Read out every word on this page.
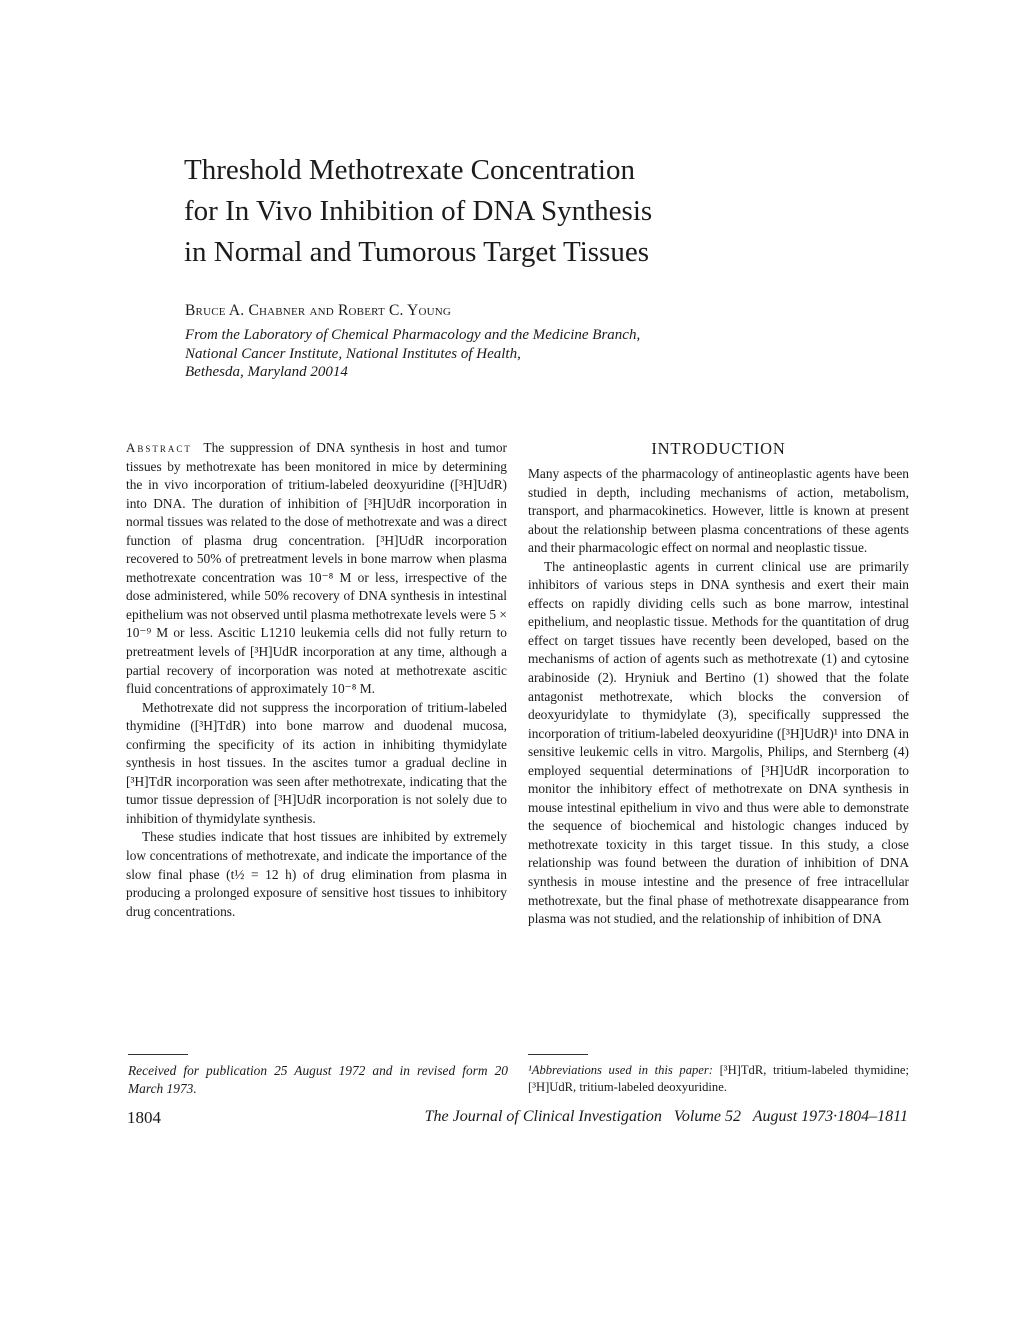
Threshold Methotrexate Concentration
for In Vivo Inhibition of DNA Synthesis
in Normal and Tumorous Target Tissues
Bruce A. Chabner and Robert C. Young
From the Laboratory of Chemical Pharmacology and the Medicine Branch,
National Cancer Institute, National Institutes of Health,
Bethesda, Maryland 20014

Abstract The suppression of DNA synthesis in host and tumor tissues by methotrexate has been monitored in mice by determining the in vivo incorporation of tritium-labeled deoxyuridine ([³H]UdR) into DNA. The duration of inhibition of [³H]UdR incorporation in normal tissues was related to the dose of methotrexate and was a direct function of plasma drug concentration. [³H]UdR incorporation recovered to 50% of pretreatment levels in bone marrow when plasma methotrexate concentration was 10⁻⁸ M or less, irrespective of the dose administered, while 50% recovery of DNA synthesis in intestinal epithelium was not observed until plasma methotrexate levels were 5 × 10⁻⁹ M or less. Ascitic L1210 leukemia cells did not fully return to pretreatment levels of [³H]UdR incorporation at any time, although a partial recovery of incorporation was noted at methotrexate ascitic fluid concentrations of approximately 10⁻⁸ M.

Methotrexate did not suppress the incorporation of tritium-labeled thymidine ([³H]TdR) into bone marrow and duodenal mucosa, confirming the specificity of its action in inhibiting thymidylate synthesis in host tissues. In the ascites tumor a gradual decline in [³H]TdR incorporation was seen after methotrexate, indicating that the tumor tissue depression of [³H]UdR incorporation is not solely due to inhibition of thymidylate synthesis.

These studies indicate that host tissues are inhibited by extremely low concentrations of methotrexate, and indicate the importance of the slow final phase (t½ = 12 h) of drug elimination from plasma in producing a prolonged exposure of sensitive host tissues to inhibitory drug concentrations.

INTRODUCTION

Many aspects of the pharmacology of antineoplastic agents have been studied in depth, including mechanisms of action, metabolism, transport, and pharmacokinetics. However, little is known at present about the relationship between plasma concentrations of these agents and their pharmacologic effect on normal and neoplastic tissue.

The antineoplastic agents in current clinical use are primarily inhibitors of various steps in DNA synthesis and exert their main effects on rapidly dividing cells such as bone marrow, intestinal epithelium, and neoplastic tissue. Methods for the quantitation of drug effect on target tissues have recently been developed, based on the mechanisms of action of agents such as methotrexate (1) and cytosine arabinoside (2). Hryniuk and Bertino (1) showed that the folate antagonist methotrexate, which blocks the conversion of deoxyuridylate to thymidylate (3), specifically suppressed the incorporation of tritium-labeled deoxyuridine ([³H]UdR)¹ into DNA in sensitive leukemic cells in vitro. Margolis, Philips, and Sternberg (4) employed sequential determinations of [³H]UdR incorporation to monitor the inhibitory effect of methotrexate on DNA synthesis in mouse intestinal epithelium in vivo and thus were able to demonstrate the sequence of biochemical and histologic changes induced by methotrexate toxicity in this target tissue. In this study, a close relationship was found between the duration of inhibition of DNA synthesis in mouse intestine and the presence of free intracellular methotrexate, but the final phase of methotrexate disappearance from plasma was not studied, and the relationship of inhibition of DNA

Received for publication 25 August 1972 and in revised form 20 March 1973.
¹Abbreviations used in this paper: [³H]TdR, tritium-labeled thymidine; [³H]UdR, tritium-labeled deoxyuridine.
1804	The Journal of Clinical Investigation   Volume 52   August 1973·1804–1811
